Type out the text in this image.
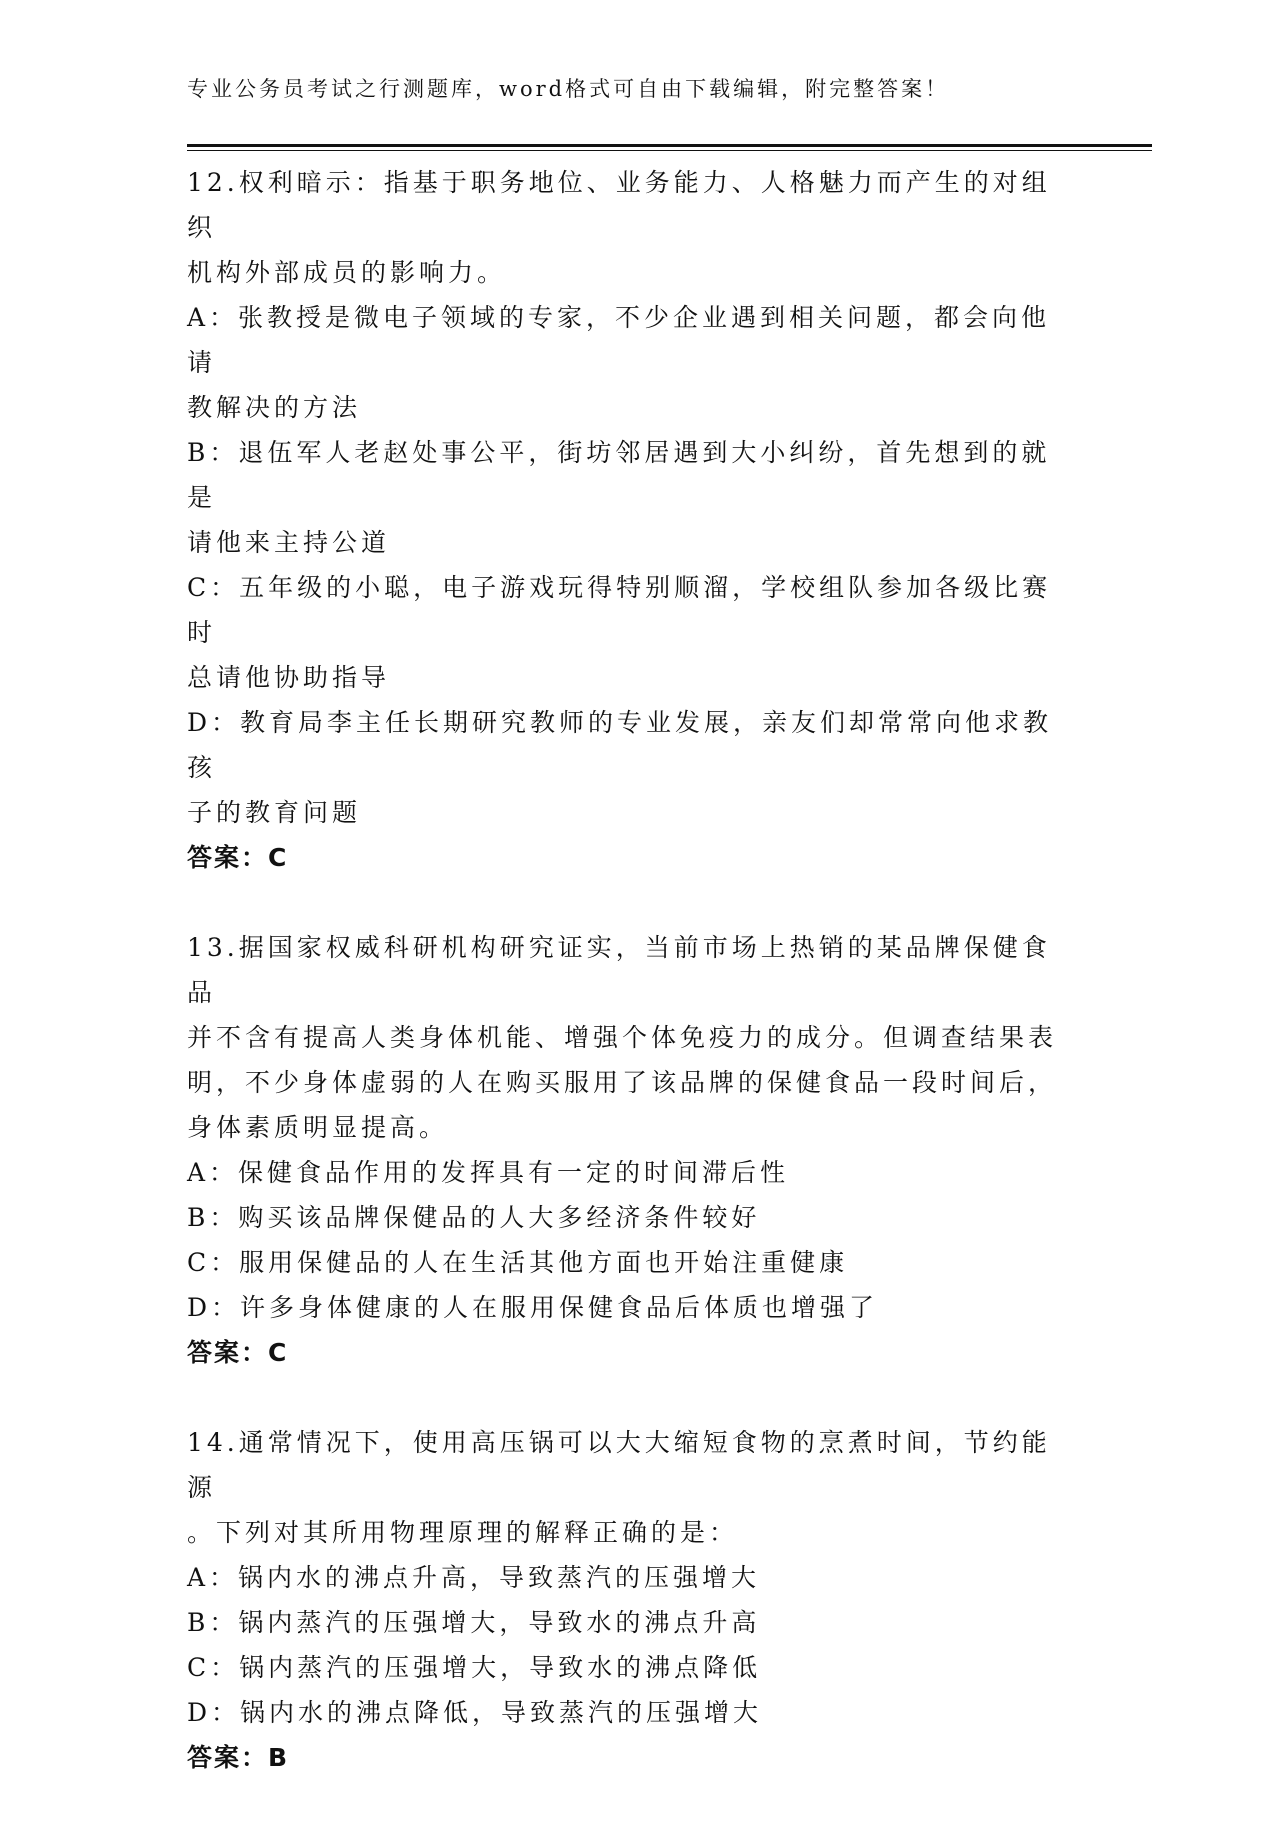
专业公务员考试之行测题库，word格式可自由下载编辑，附完整答案！

12.权利暗示：指基于职务地位、业务能力、人格魅力而产生的对组织

机构外部成员的影响力。

A：张教授是微电子领域的专家，不少企业遇到相关问题，都会向他请

教解决的方法

B：退伍军人老赵处事公平，街坊邻居遇到大小纠纷，首先想到的就是

请他来主持公道

C：五年级的小聪，电子游戏玩得特别顺溜，学校组队参加各级比赛时

总请他协助指导

D：教育局李主任长期研究教师的专业发展，亲友们却常常向他求教孩

子的教育问题

答案：C

13.据国家权威科研机构研究证实，当前市场上热销的某品牌保健食品

并不含有提高人类身体机能、增强个体免疫力的成分。但调查结果表

明，不少身体虚弱的人在购买服用了该品牌的保健食品一段时间后，

身体素质明显提高。

A：保健食品作用的发挥具有一定的时间滞后性

B：购买该品牌保健品的人大多经济条件较好

C：服用保健品的人在生活其他方面也开始注重健康

D：许多身体健康的人在服用保健食品后体质也增强了

答案：C

14.通常情况下，使用高压锅可以大大缩短食物的烹煮时间，节约能源

。下列对其所用物理原理的解释正确的是：

A：锅内水的沸点升高，导致蒸汽的压强增大

B：锅内蒸汽的压强增大，导致水的沸点升高

C：锅内蒸汽的压强增大，导致水的沸点降低

D：锅内水的沸点降低，导致蒸汽的压强增大

答案：B
